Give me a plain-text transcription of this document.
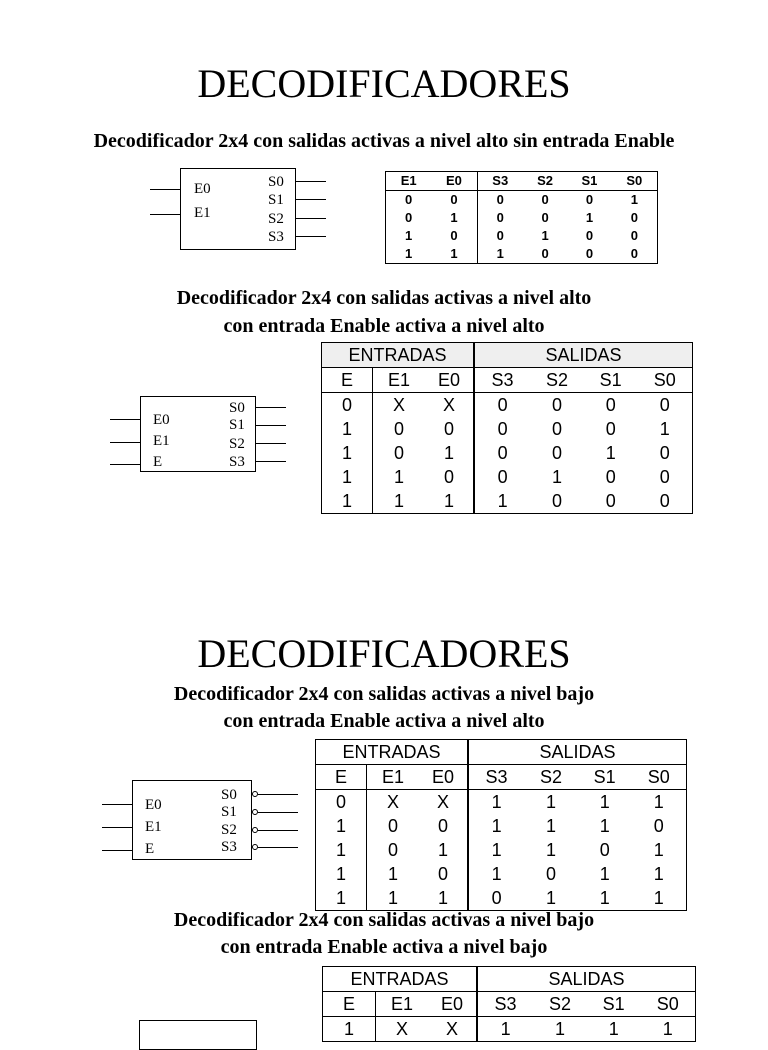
DECODIFICADORES
Decodificador 2x4 con salidas activas a nivel alto sin entrada Enable
E0
E1
S0
S1
S2
S3
E1	E0	S3	S2	S1	S0
0	0	0	0	0	1
0	1	0	0	1	0
1	0	0	1	0	0
1	1	1	0	0	0
Decodificador 2x4 con salidas activas a nivel alto
con entrada Enable activa a nivel alto
E0
E1
E
S0
S1
S2
S3
ENTRADAS			SALIDAS			
E	E1	E0	S3	S2	S1	S0
0	X	X	0	0	0	0
1	0	0	0	0	0	1
1	0	1	0	0	1	0
1	1	0	0	1	0	0
1	1	1	1	0	0	0
DECODIFICADORES
Decodificador 2x4 con salidas activas a nivel bajo
con entrada Enable activa a nivel alto
E0
E1
E
S0
S1
S2
S3
ENTRADAS			SALIDAS			
E	E1	E0	S3	S2	S1	S0
0	X	X	1	1	1	1
1	0	0	1	1	1	0
1	0	1	1	1	0	1
1	1	0	1	0	1	1
1	1	1	0	1	1	1
Decodificador 2x4 con salidas activas a nivel bajo
con entrada Enable activa a nivel bajo
ENTRADAS			SALIDAS			
E	E1	E0	S3	S2	S1	S0
1	X	X	1	1	1	1
